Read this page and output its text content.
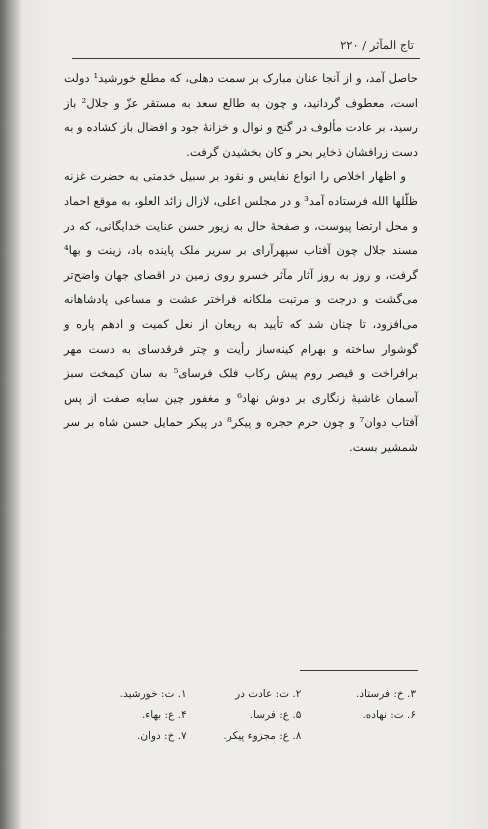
تاج المآثر / ۲۲۰

حاصل آمد، و از آنجا عنان مبارک بر سمت دهلی، که مطلع خورشید¹ دولت است، معطوف گردانید، و چون به طالع سعد به مستقر عزّ و جلال² باز رسید، بر عادت مألوف در گنج و نوال و خزانهٔ جود و افضال باز کشاده و به دست زرافشان ذخایر بحر و کان بخشیدن گرفت.

و اظهار اخلاص را انواع نفایس و نقود بر سبیل خدمتی به حضرت غزنه ظلّلها الله فرستاده آمد³ و در مجلس اعلی، لازال زائد العلو، به موقع احماد و محل ارتضا پیوست، و صفحهٔ حال به زیور حسن عنایت خدایگانی، که در مسند جلال چون آفتاب سپهرآرای بر سریر ملک پاینده باد، زینت و بها⁴ گرفت، و روز به روز آثار مآثر خسرو روی زمین در اقصای جهان واضح‌تر می‌گشت و درجت و مرتبت ملکانه فراختر عشت و مساعی پادشاهانه می‌افزود، تا چنان شد که تأیید به ریعان از نعل کمیت و ادهم پاره و گوشوار ساخته و بهرام کینه‌ساز رأیت و چتر فرقدسای به دست مهر برافراخت و قیصر روم پیش رکاب فلک فرسای⁵ به سان کیمخت سبز آسمان غاشیهٔ زنگاری بر دوش نهاد⁶ و مغفور چین سایه صفت از پس آفتاب دوان⁷ و چون حرم حجره و پیکر⁸ در پیکر حمایل حسن شاه بر سر شمشیر بست.

۳. خ: فرستاد.
۲. ت: عادت در
۱. ت: خورشید.
۶. ت: نهاده.
۵. ع: فرسا.
۴. ع: بهاء.
۸. ع: مجزوء پیکر.
۷. خ: دوان.
